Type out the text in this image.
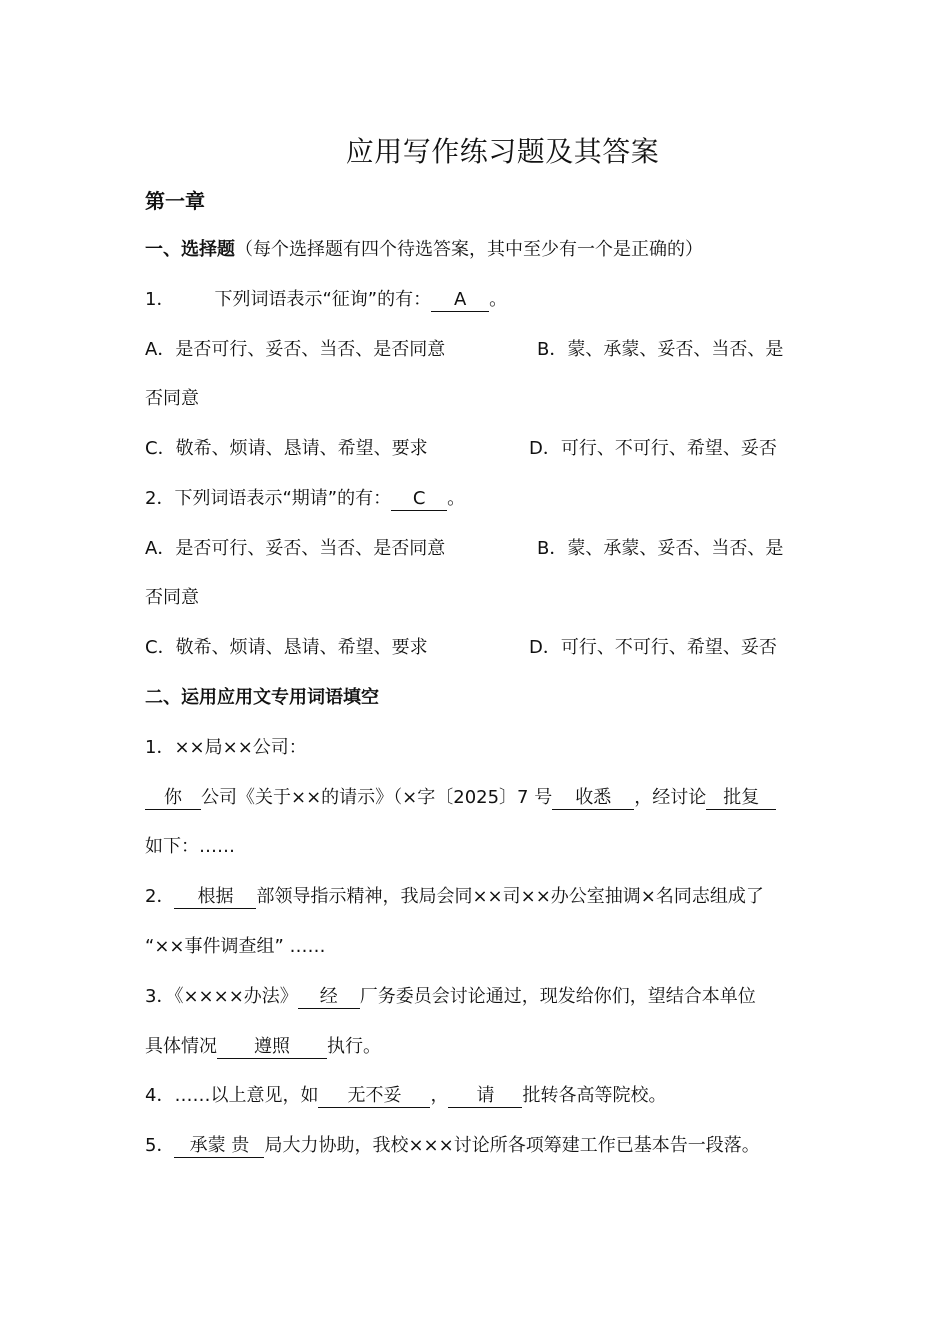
应用写作练习题及其答案
第一章
一、选择题（每个选择题有四个待选答案，其中至少有一个是正确的）
1． 下列词语表示“征询”的有： A 。
A．是否可行、妥否、当否、是否同意	B．蒙、承蒙、妥否、当否、是
否同意
C．敬希、烦请、恳请、希望、要求	D．可行、不可行、希望、妥否
2．下列词语表示“期请”的有： C 。
A．是否可行、妥否、当否、是否同意	B．蒙、承蒙、妥否、当否、是
否同意
C．敬希、烦请、恳请、希望、要求	D．可行、不可行、希望、妥否
二、运用应用文专用词语填空
1．××局××公司：
你 公司《关于××的请示》（×字〔2025〕7 号 收悉 ，经讨论 批复
如下：……
2． 根据 部领导指示精神，我局会同××司××办公室抽调×名同志组成了
“××事件调查组” ……
3．《××××办法》 经 厂务委员会讨论通过，现发给你们，望结合本单位
具体情况 遵照 执行。
4．……以上意见，如 无不妥 ， 请 批转各高等院校。
5． 承蒙 贵 局大力协助，我校×××讨论所各项筹建工作已基本告一段落。
